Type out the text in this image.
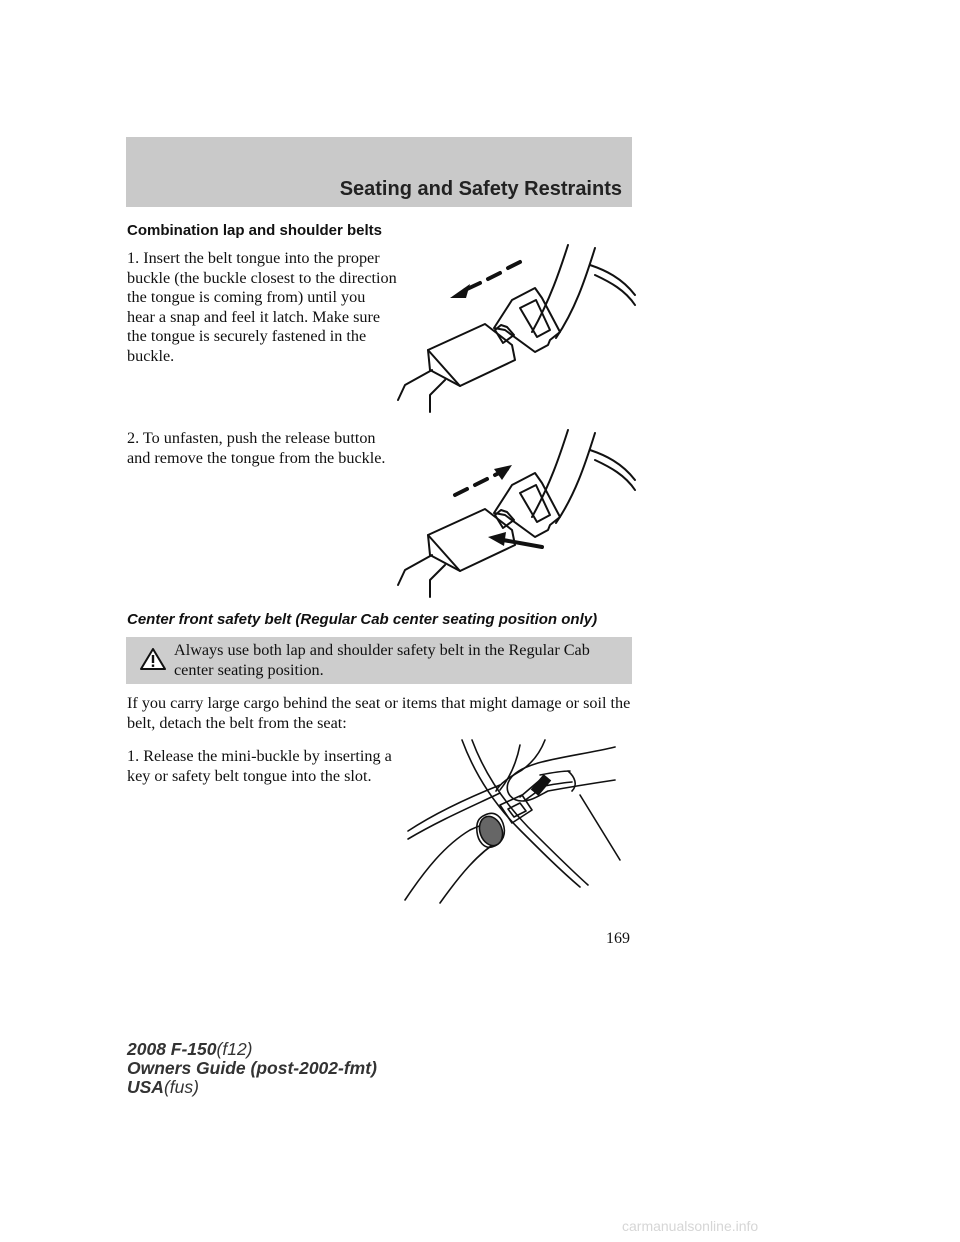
Seating and Safety Restraints
Combination lap and shoulder belts

1. Insert the belt tongue into the proper buckle (the buckle closest to the direction the tongue is coming from) until you hear a snap and feel it latch. Make sure the tongue is securely fastened in the buckle.

2. To unfasten, push the release button and remove the tongue from the buckle.

Center front safety belt (Regular Cab center seating position only)
Always use both lap and shoulder safety belt in the Regular Cab center seating position.

If you carry large cargo behind the seat or items that might damage or soil the belt, detach the belt from the seat:

1. Release the mini-buckle by inserting a key or safety belt tongue into the slot.

169
2008 F-150(f12)
Owners Guide (post-2002-fmt)
USA(fus)
carmanualsonline.info
